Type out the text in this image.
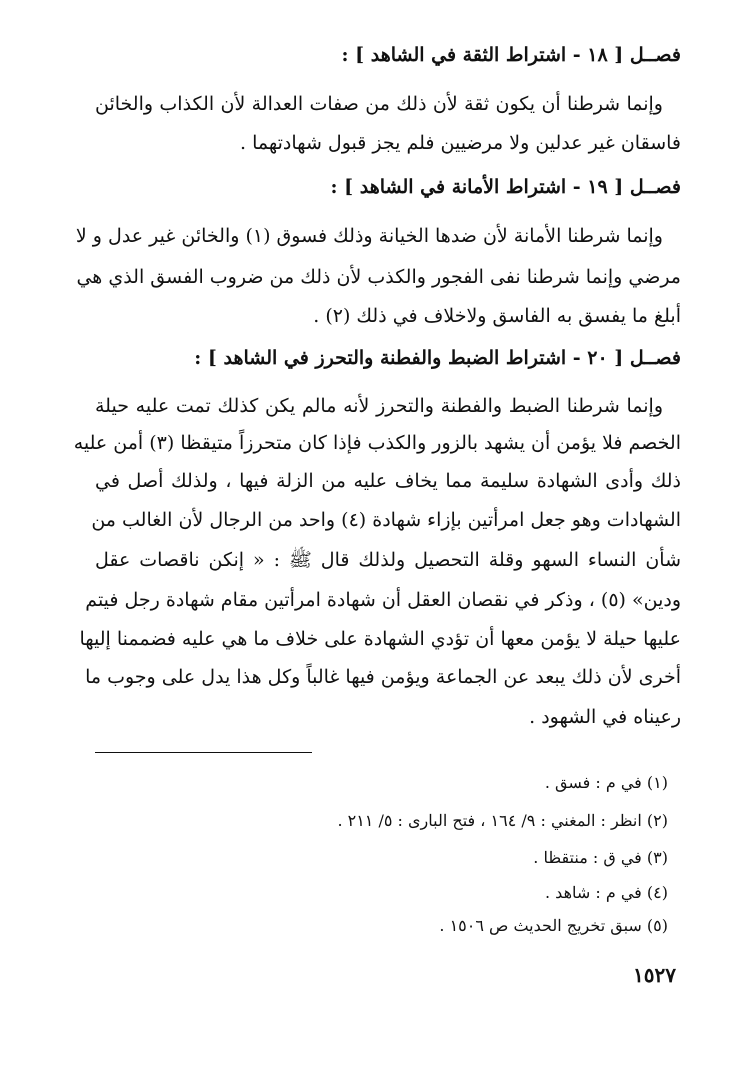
فصــل [ ١٨ - اشتراط الثقة في الشاهد ] :
وإنما شرطنا أن يكون ثقة لأن ذلك من صفات العدالة لأن الكذاب والخائن
فاسقان غير عدلين ولا مرضيين فلم يجز قبول شهادتهما .
فصــل [ ١٩ - اشتراط الأمانة في الشاهد ] :
وإنما شرطنا الأمانة لأن ضدها الخيانة وذلك فسوق (١) والخائن غير عدل و لا
مرضي وإنما شرطنا نفى الفجور والكذب لأن ذلك من ضروب الفسق الذي هي
أبلغ ما يفسق به الفاسق ولاخلاف في ذلك (٢) .
فصــل [ ٢٠ - اشتراط الضبط والفطنة والتحرز في الشاهد ] :
وإنما شرطنا الضبط والفطنة والتحرز لأنه مالم يكن كذلك تمت عليه حيلة
الخصم فلا يؤمن أن يشهد بالزور والكذب فإذا كان متحرزاً متيقظا (٣) أمن عليه
ذلك وأدى الشهادة سليمة مما يخاف عليه من الزلة فيها ، ولذلك أصل في
الشهادات وهو جعل امرأتين بإزاء شهادة (٤) واحد من الرجال لأن الغالب من
شأن النساء السهو وقلة التحصيل ولذلك قال ﷺ : « إنكن ناقصات عقل
ودين» (٥) ، وذكر في نقصان العقل أن شهادة امرأتين مقام شهادة رجل فيتم
عليها حيلة لا يؤمن معها أن تؤدي الشهادة على خلاف ما هي عليه فضممنا إليها
أخرى لأن ذلك يبعد عن الجماعة ويؤمن فيها غالباً وكل هذا يدل على وجوب ما
رعيناه في الشهود .
(١) في م : فسق .
(٢) انظر : المغني : ٩/ ١٦٤ ، فتح البارى : ٥/ ٢١١ .
(٣) في ق : منتقظا .
(٤) في م : شاهد .
(٥) سبق تخريج الحديث ص ١٥٠٦ .
١٥٢٧
